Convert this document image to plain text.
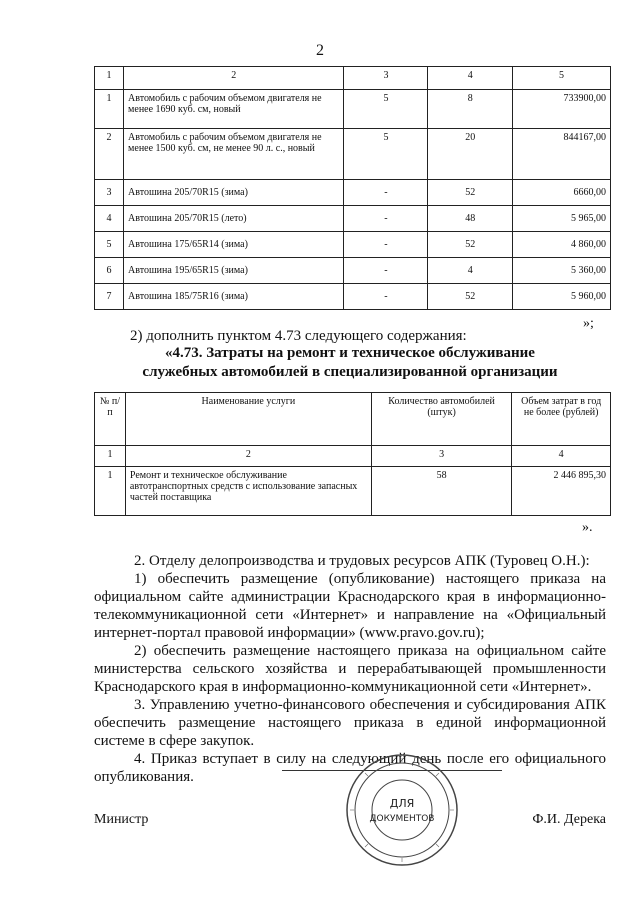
2
1	2	3	4	5
1	Автомобиль с рабочим объемом двигателя не менее 1690 куб. см, новый	5	8	733900,00
2	Автомобиль с рабочим объемом двигателя не менее 1500 куб. см, не менее 90 л. с., новый	5	20	844167,00
3	Автошина 205/70R15 (зима)	-	52	6660,00
4	Автошина 205/70R15 (лето)	-	48	5 965,00
5	Автошина 175/65R14 (зима)	-	52	4 860,00
6	Автошина 195/65R15 (зима)	-	4	5 360,00
7	Автошина 185/75R16 (зима)	-	52	5 960,00
»;
2) дополнить пунктом 4.73 следующего содержания:
«4.73. Затраты на ремонт и техническое обслуживание
служебных автомобилей в специализированной организации
№ п/п	Наименование услуги	Количество автомобилей (штук)	Объем затрат в год не более (рублей)
1	2	3	4
1	Ремонт и техническое обслуживание автотранспортных средств с использование запасных частей поставщика	58	2 446 895,30
».

2. Отделу делопроизводства и трудовых ресурсов АПК (Туровец О.Н.):

1) обеспечить размещение (опубликование) настоящего приказа на официальном сайте администрации Краснодарского края в информационно-телекоммуникационной сети «Интернет» и направление на «Официальный интернет-портал правовой информации» (www.pravo.gov.ru);

2) обеспечить размещение настоящего приказа на официальном сайте министерства сельского хозяйства и перерабатывающей промышленности Краснодарского края в информационно-коммуникационной сети «Интернет».

3. Управлению учетно-финансового обеспечения и субсидирования АПК обеспечить размещение настоящего приказа в единой информационной системе в сфере закупок.

4. Приказ вступает в силу на следующий день после его официального опубликования.

ДЛЯ
ДОКУМЕНТОВ
Министр	Ф.И. Дерека
